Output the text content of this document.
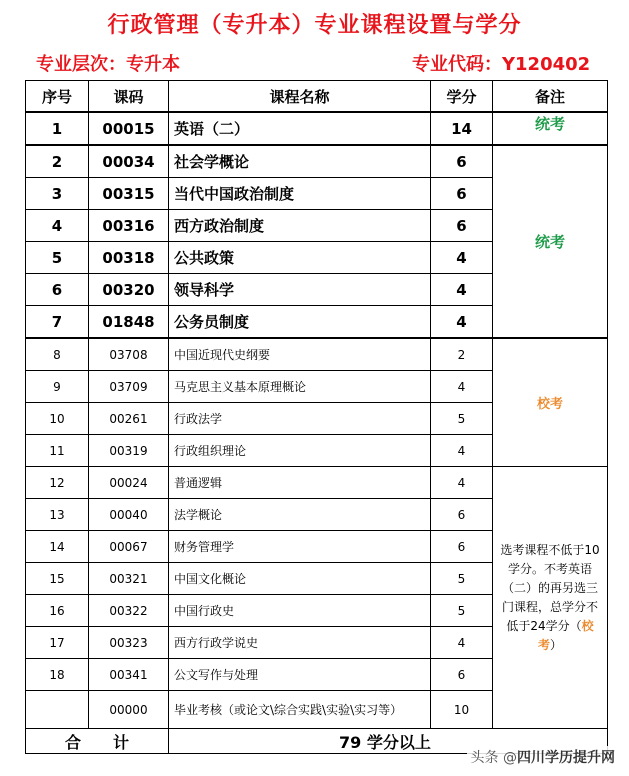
行政管理（专升本）专业课程设置与学分
专业层次：专升本	专业代码：Y120402
序号	课码	课程名称	学分	备注	
1	00015	英语（二）	14	统考	
2	00034	社会学概论	6	统考	
3	00315	当代中国政治制度	6		
4	00316	西方政治制度	6		
5	00318	公共政策	4		
6	00320	领导科学	4		
7	01848	公务员制度	4		
8	03708	中国近现代史纲要	2	校考	
9	03709	马克思主义基本原理概论	4		
10	00261	行政法学	5		
11	00319	行政组织理论	4		
12	00024	普通逻辑	4	选考课程不低于10学分。不考英语（二）的再另选三门课程，总学分不低于24学分（校考）	
13	00040	法学概论	6		
14	00067	财务管理学	6		
15	00321	中国文化概论	5		
16	00322	中国行政史	5		
17	00323	西方行政学说史	4		
18	00341	公文写作与处理	6		
	00000	毕业考核（或论文\综合实践\实验\实习等）	10		
合　　计		79 学分以上			
头条 @四川学历提升网
